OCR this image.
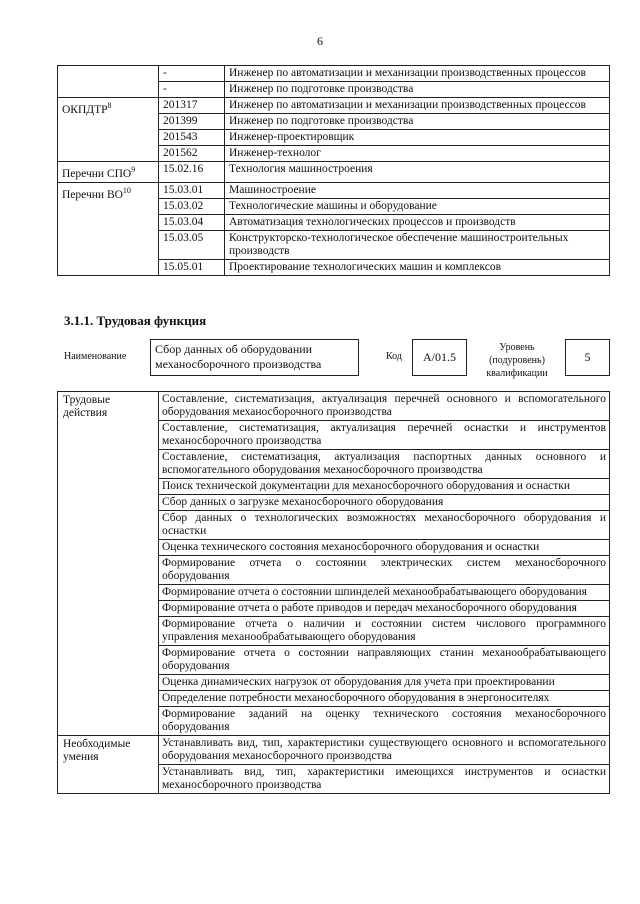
6
	-	Инженер по автоматизации и механизации производственных процессов
	-	Инженер по подготовке производства
ОКПДТР$^8$	201317	Инженер по автоматизации и механизации производственных процессов
	201399	Инженер по подготовке производства
	201543	Инженер-проектировщик
	201562	Инженер-технолог
Перечни СПО$^9$	15.02.16	Технология машиностроения
Перечни ВО$^{10}$	15.03.01	Машиностроение
	15.03.02	Технологические машины и оборудование
	15.03.04	Автоматизация технологических процессов и производств
	15.03.05	Конструкторско-технологическое обеспечение машиностроительных производств
	15.05.01	Проектирование технологических машин и комплексов
3.1.1. Трудовая функция
Наименование
Сбор данных об оборудовании механосборочного производства
Код	A/01.5
Уровень (подуровень) квалификации
5
Трудовые действия	Составление, систематизация, актуализация перечней основного и вспомогательного оборудования механосборочного производства
	Составление, систематизация, актуализация перечней оснастки и инструментов механосборочного производства
	Составление, систематизация, актуализация паспортных данных основного и вспомогательного оборудования механосборочного производства
	Поиск технической документации для механосборочного оборудования и оснастки
	Сбор данных о загрузке механосборочного оборудования
	Сбор данных о технологических возможностях механосборочного оборудования и оснастки
	Оценка технического состояния механосборочного оборудования и оснастки
	Формирование отчета о состоянии электрических систем механосборочного оборудования
	Формирование отчета о состоянии шпинделей механообрабатывающего оборудования
	Формирование отчета о работе приводов и передач механосборочного оборудования
	Формирование отчета о наличии и состоянии систем числового программного управления механообрабатывающего оборудования
	Формирование отчета о состоянии направляющих станин механообрабатывающего оборудования
	Оценка динамических нагрузок от оборудования для учета при проектировании
	Определение потребности механосборочного оборудования в энергоносителях
	Формирование заданий на оценку технического состояния механосборочного оборудования
Необходимые умения	Устанавливать вид, тип, характеристики существующего основного и вспомогательного оборудования механосборочного производства
	Устанавливать вид, тип, характеристики имеющихся инструментов и оснастки механосборочного производства
